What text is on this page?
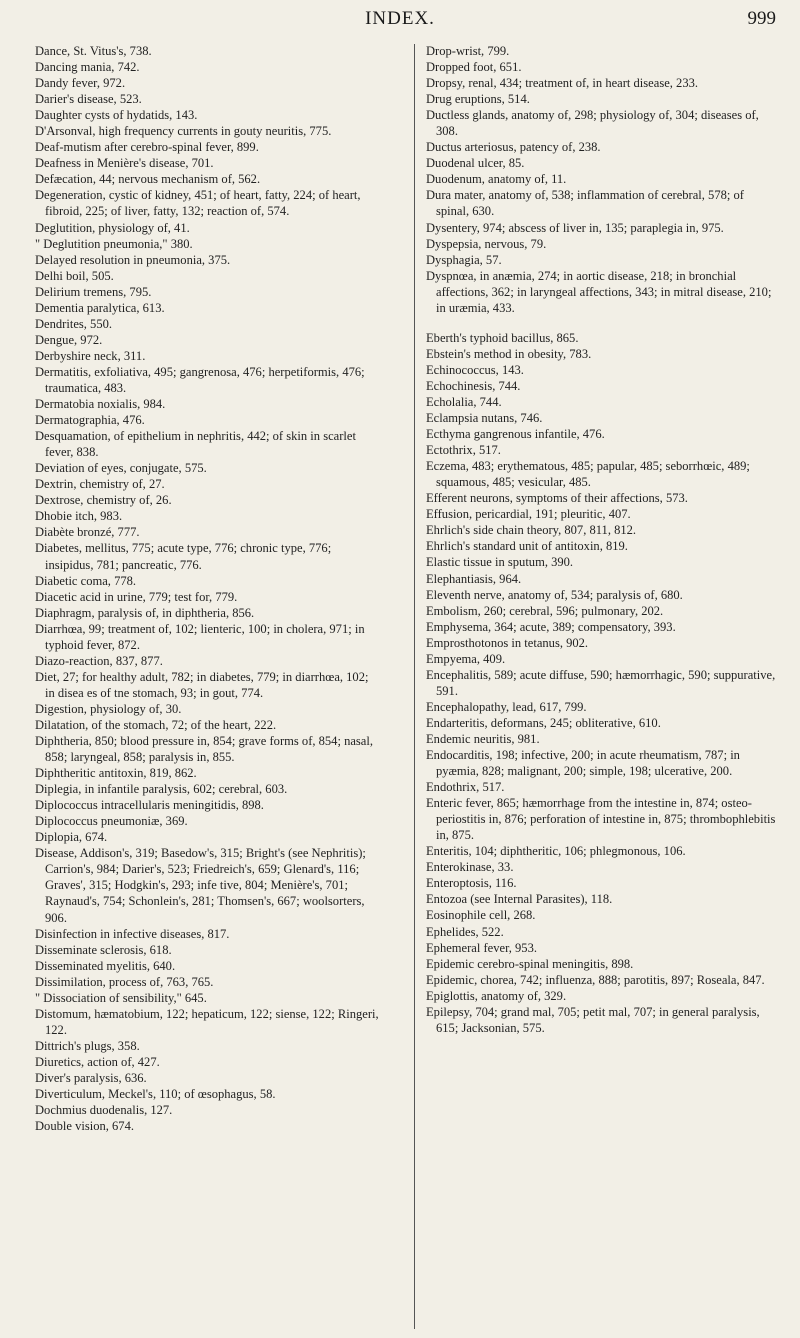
INDEX.	999

Dance, St. Vitus's, 738.

Dancing mania, 742.

Dandy fever, 972.

Darier's disease, 523.

Daughter cysts of hydatids, 143.

D'Arsonval, high frequency currents in gouty neuritis, 775.

Deaf-mutism after cerebro-spinal fever, 899.

Deafness in Menière's disease, 701.

Defæcation, 44; nervous mechanism of, 562.

Degeneration, cystic of kidney, 451; of heart, fatty, 224; of heart, fibroid, 225; of liver, fatty, 132; reaction of, 574.

Deglutition, physiology of, 41.

" Deglutition pneumonia," 380.

Delayed resolution in pneumonia, 375.

Delhi boil, 505.

Delirium tremens, 795.

Dementia paralytica, 613.

Dendrites, 550.

Dengue, 972.

Derbyshire neck, 311.

Dermatitis, exfoliativa, 495; gangrenosa, 476; herpetiformis, 476; traumatica, 483.

Dermatobia noxialis, 984.

Dermatographia, 476.

Desquamation, of epithelium in nephritis, 442; of skin in scarlet fever, 838.

Deviation of eyes, conjugate, 575.

Dextrin, chemistry of, 27.

Dextrose, chemistry of, 26.

Dhobie itch, 983.

Diabète bronzé, 777.

Diabetes, mellitus, 775; acute type, 776; chronic type, 776; insipidus, 781; pancreatic, 776.

Diabetic coma, 778.

Diacetic acid in urine, 779; test for, 779.

Diaphragm, paralysis of, in diphtheria, 856.

Diarrhœa, 99; treatment of, 102; lienteric, 100; in cholera, 971; in typhoid fever, 872.

Diazo-reaction, 837, 877.

Diet, 27; for healthy adult, 782; in diabetes, 779; in diarrhœa, 102; in disea es of tne stomach, 93; in gout, 774.

Digestion, physiology of, 30.

Dilatation, of the stomach, 72; of the heart, 222.

Diphtheria, 850; blood pressure in, 854; grave forms of, 854; nasal, 858; laryngeal, 858; paralysis in, 855.

Diphtheritic antitoxin, 819, 862.

Diplegia, in infantile paralysis, 602; cerebral, 603.

Diplococcus intracellularis meningitidis, 898.

Diplococcus pneumoniæ, 369.

Diplopia, 674.

Disease, Addison's, 319; Basedow's, 315; Bright's (see Nephritis); Carrion's, 984; Darier's, 523; Friedreich's, 659; Glenard's, 116; Graves', 315; Hodgkin's, 293; infe tive, 804; Menière's, 701; Raynaud's, 754; Schonlein's, 281; Thomsen's, 667; woolsorters, 906.

Disinfection in infective diseases, 817.

Disseminate sclerosis, 618.

Disseminated myelitis, 640.

Dissimilation, process of, 763, 765.

" Dissociation of sensibility," 645.

Distomum, hæmatobium, 122; hepaticum, 122; siense, 122; Ringeri, 122.

Dittrich's plugs, 358.

Diuretics, action of, 427.

Diver's paralysis, 636.

Diverticulum, Meckel's, 110; of œsophagus, 58.

Dochmius duodenalis, 127.

Double vision, 674.

Drop-wrist, 799.

Dropped foot, 651.

Dropsy, renal, 434; treatment of, in heart disease, 233.

Drug eruptions, 514.

Ductless glands, anatomy of, 298; physiology of, 304; diseases of, 308.

Ductus arteriosus, patency of, 238.

Duodenal ulcer, 85.

Duodenum, anatomy of, 11.

Dura mater, anatomy of, 538; inflammation of cerebral, 578; of spinal, 630.

Dysentery, 974; abscess of liver in, 135; paraplegia in, 975.

Dyspepsia, nervous, 79.

Dysphagia, 57.

Dyspnœa, in anæmia, 274; in aortic disease, 218; in bronchial affections, 362; in laryngeal affections, 343; in mitral disease, 210; in uræmia, 433.

Eberth's typhoid bacillus, 865.

Ebstein's method in obesity, 783.

Echinococcus, 143.

Echochinesis, 744.

Echolalia, 744.

Eclampsia nutans, 746.

Ecthyma gangrenous infantile, 476.

Ectothrix, 517.

Eczema, 483; erythematous, 485; papular, 485; seborrhœic, 489; squamous, 485; vesicular, 485.

Efferent neurons, symptoms of their affections, 573.

Effusion, pericardial, 191; pleuritic, 407.

Ehrlich's side chain theory, 807, 811, 812.

Ehrlich's standard unit of antitoxin, 819.

Elastic tissue in sputum, 390.

Elephantiasis, 964.

Eleventh nerve, anatomy of, 534; paralysis of, 680.

Embolism, 260; cerebral, 596; pulmonary, 202.

Emphysema, 364; acute, 389; compensatory, 393.

Emprosthotonos in tetanus, 902.

Empyema, 409.

Encephalitis, 589; acute diffuse, 590; hæmorrhagic, 590; suppurative, 591.

Encephalopathy, lead, 617, 799.

Endarteritis, deformans, 245; obliterative, 610.

Endemic neuritis, 981.

Endocarditis, 198; infective, 200; in acute rheumatism, 787; in pyæmia, 828; malignant, 200; simple, 198; ulcerative, 200.

Endothrix, 517.

Enteric fever, 865; hæmorrhage from the intestine in, 874; osteo-periostitis in, 876; perforation of intestine in, 875; thrombophlebitis in, 875.

Enteritis, 104; diphtheritic, 106; phlegmonous, 106.

Enterokinase, 33.

Enteroptosis, 116.

Entozoa (see Internal Parasites), 118.

Eosinophile cell, 268.

Ephelides, 522.

Ephemeral fever, 953.

Epidemic cerebro-spinal meningitis, 898.

Epidemic, chorea, 742; influenza, 888; parotitis, 897; Roseala, 847.

Epiglottis, anatomy of, 329.

Epilepsy, 704; grand mal, 705; petit mal, 707; in general paralysis, 615; Jacksonian, 575.
